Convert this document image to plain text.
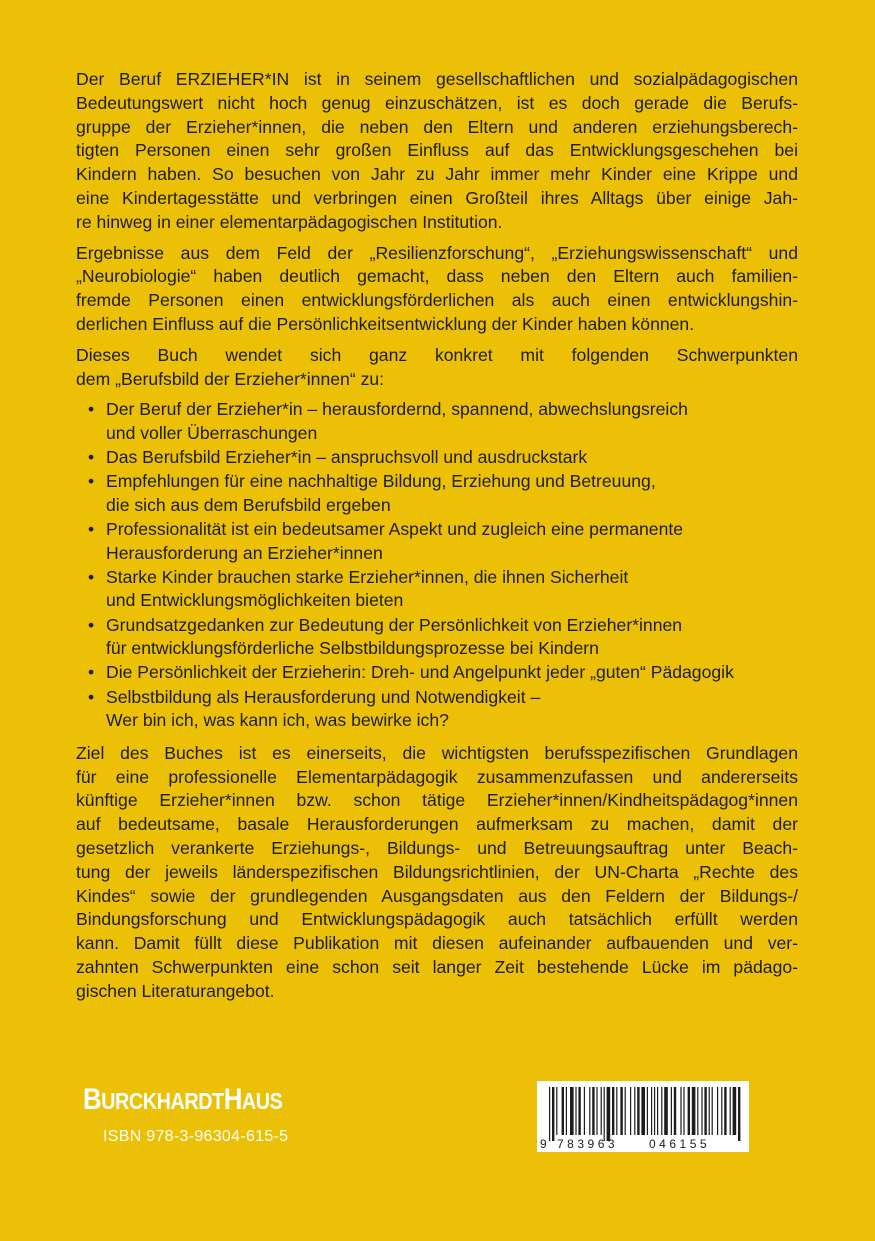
Der Beruf ERZIEHER*IN ist in seinem gesellschaftlichen und sozialpädagogischen
Bedeutungswert nicht hoch genug einzuschätzen, ist es doch gerade die Berufs-
gruppe der Erzieher*innen, die neben den Eltern und anderen erziehungsberech-
tigten Personen einen sehr großen Einfluss auf das Entwicklungsgeschehen bei
Kindern haben. So besuchen von Jahr zu Jahr immer mehr Kinder eine Krippe und
eine Kindertagesstätte und verbringen einen Großteil ihres Alltags über einige Jah-
re hinweg in einer elementarpädagogischen Institution.

Ergebnisse aus dem Feld der „Resilienzforschung“, „Erziehungswissenschaft“ und
„Neurobiologie“ haben deutlich gemacht, dass neben den Eltern auch familien-
fremde Personen einen entwicklungsförderlichen als auch einen entwicklungshin-
derlichen Einfluss auf die Persönlichkeitsentwicklung der Kinder haben können.

Dieses Buch wendet sich ganz konkret mit folgenden Schwerpunkten
dem „Berufsbild der Erzieher*innen“ zu:

• Der Beruf der Erzieher*in – herausfordernd, spannend, abwechslungsreich
und voller Überraschungen
• Das Berufsbild Erzieher*in – anspruchsvoll und ausdruckstark
• Empfehlungen für eine nachhaltige Bildung, Erziehung und Betreuung,
die sich aus dem Berufsbild ergeben
• Professionalität ist ein bedeutsamer Aspekt und zugleich eine permanente
Herausforderung an Erzieher*innen
• Starke Kinder brauchen starke Erzieher*innen, die ihnen Sicherheit
und Entwicklungsmöglichkeiten bieten
• Grundsatzgedanken zur Bedeutung der Persönlichkeit von Erzieher*innen
für entwicklungsförderliche Selbstbildungsprozesse bei Kindern
• Die Persönlichkeit der Erzieherin: Dreh- und Angelpunkt jeder „guten“ Pädagogik
• Selbstbildung als Herausforderung und Notwendigkeit –
Wer bin ich, was kann ich, was bewirke ich?

Ziel des Buches ist es einerseits, die wichtigsten berufsspezifischen Grundlagen
für eine professionelle Elementarpädagogik zusammenzufassen und andererseits
künftige Erzieher*innen bzw. schon tätige Erzieher*innen/Kindheitspädagog*innen
auf bedeutsame, basale Herausforderungen aufmerksam zu machen, damit der
gesetzlich verankerte Erziehungs-, Bildungs- und Betreuungsauftrag unter Beach-
tung der jeweils länderspezifischen Bildungsrichtlinien, der UN-Charta „Rechte des
Kindes“ sowie der grundlegenden Ausgangsdaten aus den Feldern der Bildungs-/
Bindungsforschung und Entwicklungspädagogik auch tatsächlich erfüllt werden
kann. Damit füllt diese Publikation mit diesen aufeinander aufbauenden und ver-
zahnten Schwerpunkten eine schon seit langer Zeit bestehende Lücke im pädago-
gischen Literaturangebot.

BURCKHARDTHAUS
ISBN 978-3-96304-615-5	9 783963	046155
